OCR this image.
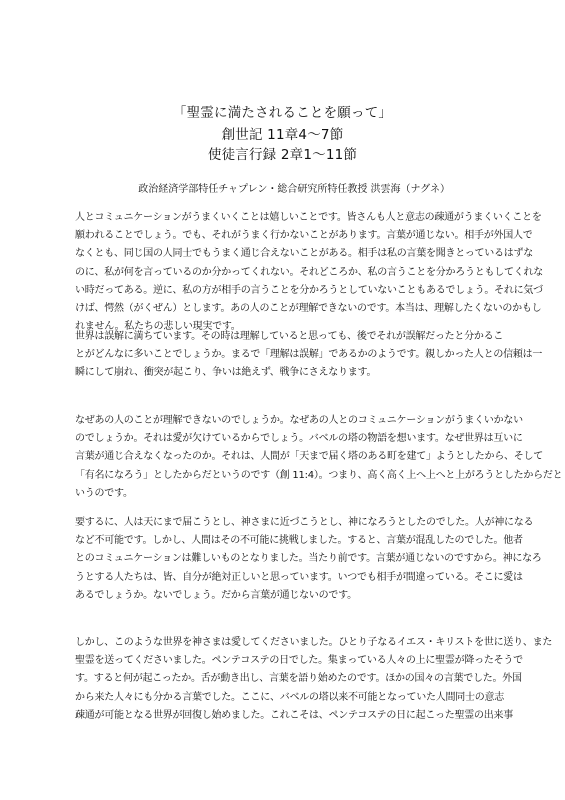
「聖霊に満たされることを願って」
創世記 11章4〜7節
使徒言行録 2章1〜11節
政治経済学部特任チャプレン・総合研究所特任教授 洪雲海（ナグネ）
人とコミュニケーションがうまくいくことは嬉しいことです。皆さんも人と意志の疎通がうまくいくことを
願われることでしょう。でも、それがうまく行かないことがあります。言葉が通じない。相手が外国人で
なくとも、同じ国の人同士でもうまく通じ合えないことがある。相手は私の言葉を聞きとっているはずな
のに、私が何を言っているのか分かってくれない。それどころか、私の言うことを分かろうともしてくれな
い時だってある。逆に、私の方が相手の言うことを分かろうとしていないこともあるでしょう。それに気づ
けば、愕然（がくぜん）とします。あの人のことが理解できないのです。本当は、理解したくないのかもし
れません。私たちの悲しい現実です。
世界は誤解に満ちています。その時は理解していると思っても、後でそれが誤解だったと分かるこ
とがどんなに多いことでしょうか。まるで「理解は誤解」であるかのようです。親しかった人との信頼は一
瞬にして崩れ、衝突が起こり、争いは絶えず、戦争にさえなります。
なぜあの人のことが理解できないのでしょうか。なぜあの人とのコミュニケーションがうまくいかない
のでしょうか。それは愛が欠けているからでしょう。バベルの塔の物語を想います。なぜ世界は互いに
言葉が通じ合えなくなったのか。それは、人間が「天まで届く塔のある町を建て」ようとしたから、そして
「有名になろう」としたからだというのです（創 11:4）。つまり、高く高く上へ上へと上がろうとしたからだと
いうのです。
要するに、人は天にまで届こうとし、神さまに近づこうとし、神になろうとしたのでした。人が神になる
など不可能です。しかし、人間はその不可能に挑戦しました。すると、言葉が混乱したのでした。他者
とのコミュニケーションは難しいものとなりました。当たり前です。言葉が通じないのですから。神になろ
うとする人たちは、皆、自分が絶対正しいと思っています。いつでも相手が間違っている。そこに愛は
あるでしょうか。ないでしょう。だから言葉が通じないのです。
しかし、このような世界を神さまは愛してくださいました。ひとり子なるイエス・キリストを世に送り、また
聖霊を送ってくださいました。ペンテコステの日でした。集まっている人々の上に聖霊が降ったそうで
す。すると何が起こったか。舌が動き出し、言葉を語り始めたのです。ほかの国々の言葉でした。外国
から来た人々にも分かる言葉でした。ここに、バベルの塔以来不可能となっていた人間同士の意志
疎通が可能となる世界が回復し始めました。これこそは、ペンテコステの日に起こった聖霊の出来事
